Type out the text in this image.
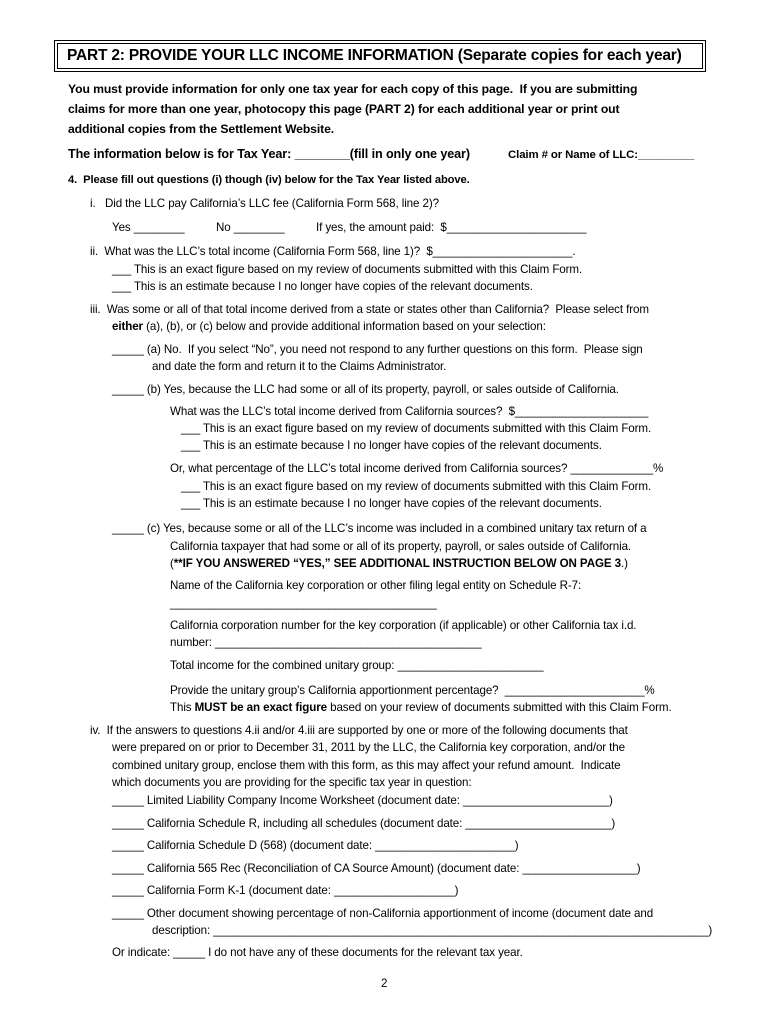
PART 2: PROVIDE YOUR LLC INCOME INFORMATION (Separate copies for each year)
You must provide information for only one tax year for each copy of this page.  If you are submitting
claims for more than one year, photocopy this page (PART 2) for each additional year or print out
additional copies from the Settlement Website.
The information below is for Tax Year: ________(fill in only one year)	Claim # or Name of LLC:_________
4.  Please fill out questions (i) though (iv) below for the Tax Year listed above.
i.   Did the LLC pay California’s LLC fee (California Form 568, line 2)?
Yes ________	No ________	If yes, the amount paid:  $______________________
ii.  What was the LLC’s total income (California Form 568, line 1)?  $______________________.
___ This is an exact figure based on my review of documents submitted with this Claim Form.
___ This is an estimate because I no longer have copies of the relevant documents.
iii.  Was some or all of that total income derived from a state or states other than California?  Please select from
either (a), (b), or (c) below and provide additional information based on your selection:
_____ (a) No.  If you select “No”, you need not respond to any further questions on this form.  Please sign
and date the form and return it to the Claims Administrator.
_____ (b) Yes, because the LLC had some or all of its property, payroll, or sales outside of California.
What was the LLC’s total income derived from California sources?  $_____________________
___ This is an exact figure based on my review of documents submitted with this Claim Form.
___ This is an estimate because I no longer have copies of the relevant documents.
Or, what percentage of the LLC’s total income derived from California sources? _____________%
___ This is an exact figure based on my review of documents submitted with this Claim Form.
___ This is an estimate because I no longer have copies of the relevant documents.
_____ (c) Yes, because some or all of the LLC’s income was included in a combined unitary tax return of a
California taxpayer that had some or all of its property, payroll, or sales outside of California.
(**IF YOU ANSWERED “YES,” SEE ADDITIONAL INSTRUCTION BELOW ON PAGE 3.)
Name of the California key corporation or other filing legal entity on Schedule R-7:
__________________________________________
California corporation number for the key corporation (if applicable) or other California tax i.d.
number: __________________________________________
Total income for the combined unitary group: _______________________
Provide the unitary group’s California apportionment percentage?  ______________________%
This MUST be an exact figure based on your review of documents submitted with this Claim Form.
iv.  If the answers to questions 4.ii and/or 4.iii are supported by one or more of the following documents that
were prepared on or prior to December 31, 2011 by the LLC, the California key corporation, and/or the
combined unitary group, enclose them with this form, as this may affect your refund amount.  Indicate
which documents you are providing for the specific tax year in question:
_____ Limited Liability Company Income Worksheet (document date: _______________________)
_____ California Schedule R, including all schedules (document date: _______________________)
_____ California Schedule D (568) (document date: ______________________)
_____ California 565 Rec (Reconciliation of CA Source Amount) (document date: __________________)
_____ California Form K-1 (document date: ___________________)
_____ Other document showing percentage of non-California apportionment of income (document date and
description: ______________________________________________________________________________)
Or indicate: _____ I do not have any of these documents for the relevant tax year.
2
